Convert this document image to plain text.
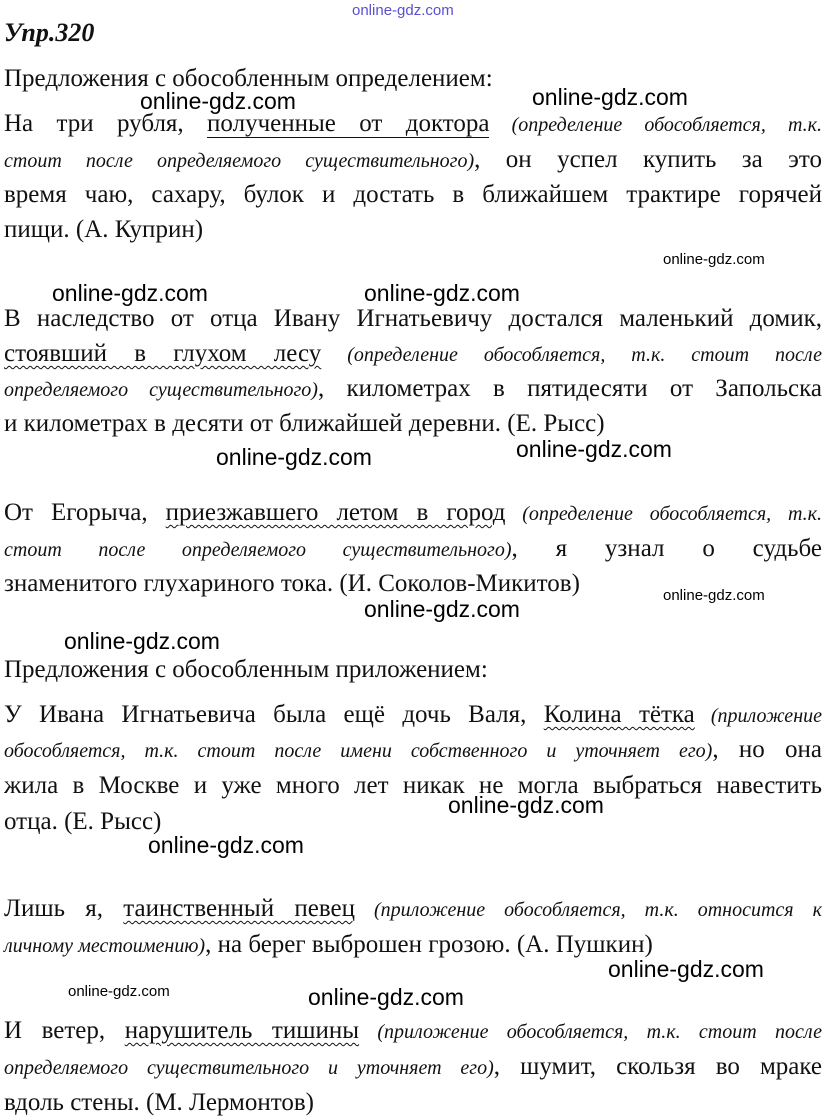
Упр.320
Предложения с обособленным определением:
На три рубля, полученные от доктора (определение обособляется, т.к.
стоит после определяемого существительного), он успел купить за это
время чаю, сахару, булок и достать в ближайшем трактире горячей
пищи. (А. Куприн)
В наследство от отца Ивану Игнатьевичу достался маленький домик,
стоявший в глухом лесу (определение обособляется, т.к. стоит после
определяемого существительного), километрах в пятидесяти от Запольска
и километрах в десяти от ближайшей деревни. (Е. Рысс)
От Егорыча, приезжавшего летом в город (определение обособляется, т.к.
стоит после определяемого существительного), я узнал о судьбе
знаменитого глухариного тока. (И. Соколов-Микитов)
Предложения с обособленным приложением:
У Ивана Игнатьевича была ещё дочь Валя, Колина тётка (приложение
обособляется, т.к. стоит после имени собственного и уточняет его), но она
жила в Москве и уже много лет никак не могла выбраться навестить
отца. (Е. Рысс)
Лишь я, таинственный певец (приложение обособляется, т.к. относится к
личному местоимению), на берег выброшен грозою. (А. Пушкин)
И ветер, нарушитель тишины (приложение обособляется, т.к. стоит после
определяемого существительного и уточняет его), шумит, скользя во мраке
вдоль стены. (М. Лермонтов)
online-gdz.com
online-gdz.com	online-gdz.com
online-gdz.com
online-gdz.com	online-gdz.com
online-gdz.com	online-gdz.com
online-gdz.com
online-gdz.com
online-gdz.com
online-gdz.com
online-gdz.com
online-gdz.com
online-gdz.com	online-gdz.com
